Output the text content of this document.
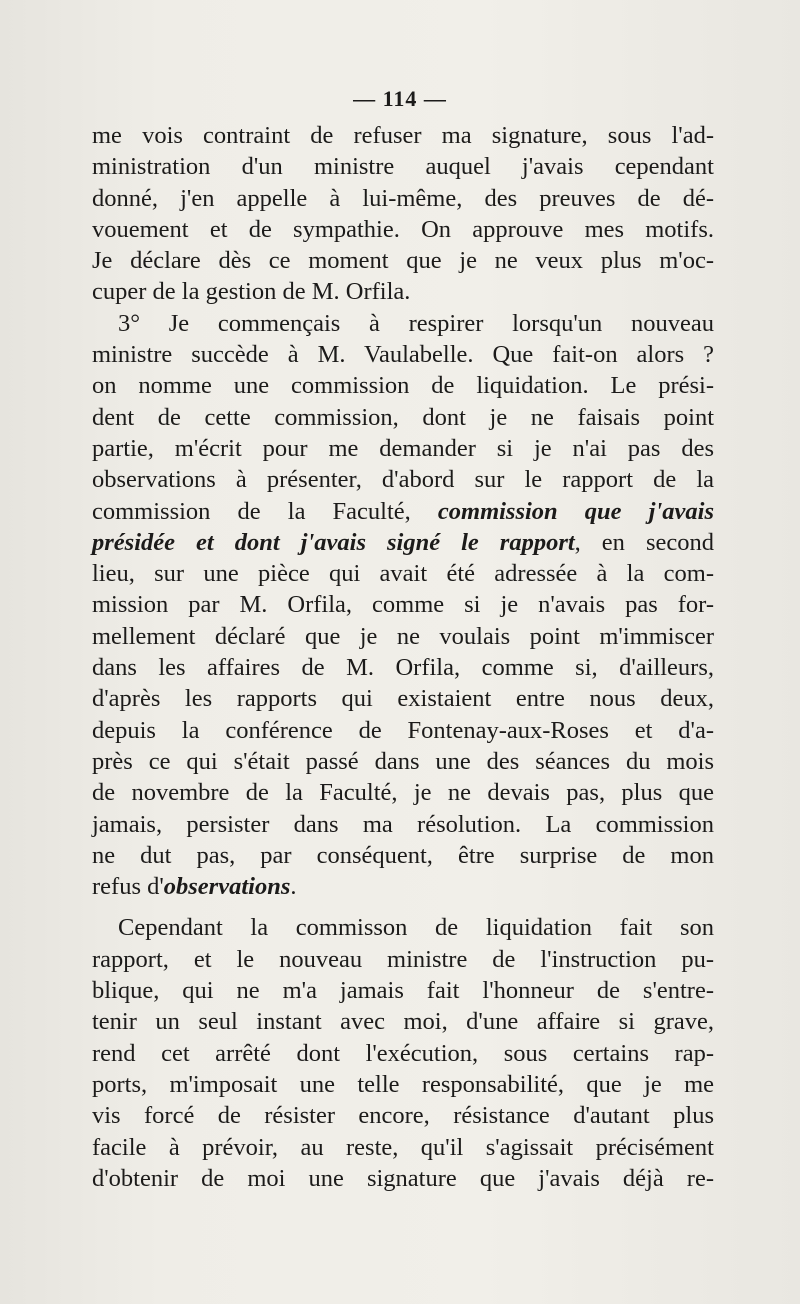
— 114 —
me vois contraint de refuser ma signature, sous l'ad-
ministration d'un ministre auquel j'avais cependant
donné, j'en appelle à lui-même, des preuves de dé-
vouement et de sympathie. On approuve mes motifs.
Je déclare dès ce moment que je ne veux plus m'oc-
cuper de la gestion de M. Orfila.
3° Je commençais à respirer lorsqu'un nouveau
ministre succède à M. Vaulabelle. Que fait-on alors ?
on nomme une commission de liquidation. Le prési-
dent de cette commission, dont je ne faisais point
partie, m'écrit pour me demander si je n'ai pas des
observations à présenter, d'abord sur le rapport de la
commission de la Faculté, commission que j'avais
présidée et dont j'avais signé le rapport, en second
lieu, sur une pièce qui avait été adressée à la com-
mission par M. Orfila, comme si je n'avais pas for-
mellement déclaré que je ne voulais point m'immiscer
dans les affaires de M. Orfila, comme si, d'ailleurs,
d'après les rapports qui existaient entre nous deux,
depuis la conférence de Fontenay-aux-Roses et d'a-
près ce qui s'était passé dans une des séances du mois
de novembre de la Faculté, je ne devais pas, plus que
jamais, persister dans ma résolution. La commission
ne dut pas, par conséquent, être surprise de mon
refus d'observations.
Cependant la commisson de liquidation fait son
rapport, et le nouveau ministre de l'instruction pu-
blique, qui ne m'a jamais fait l'honneur de s'entre-
tenir un seul instant avec moi, d'une affaire si grave,
rend cet arrêté dont l'exécution, sous certains rap-
ports, m'imposait une telle responsabilité, que je me
vis forcé de résister encore, résistance d'autant plus
facile à prévoir, au reste, qu'il s'agissait précisément
d'obtenir de moi une signature que j'avais déjà re-
